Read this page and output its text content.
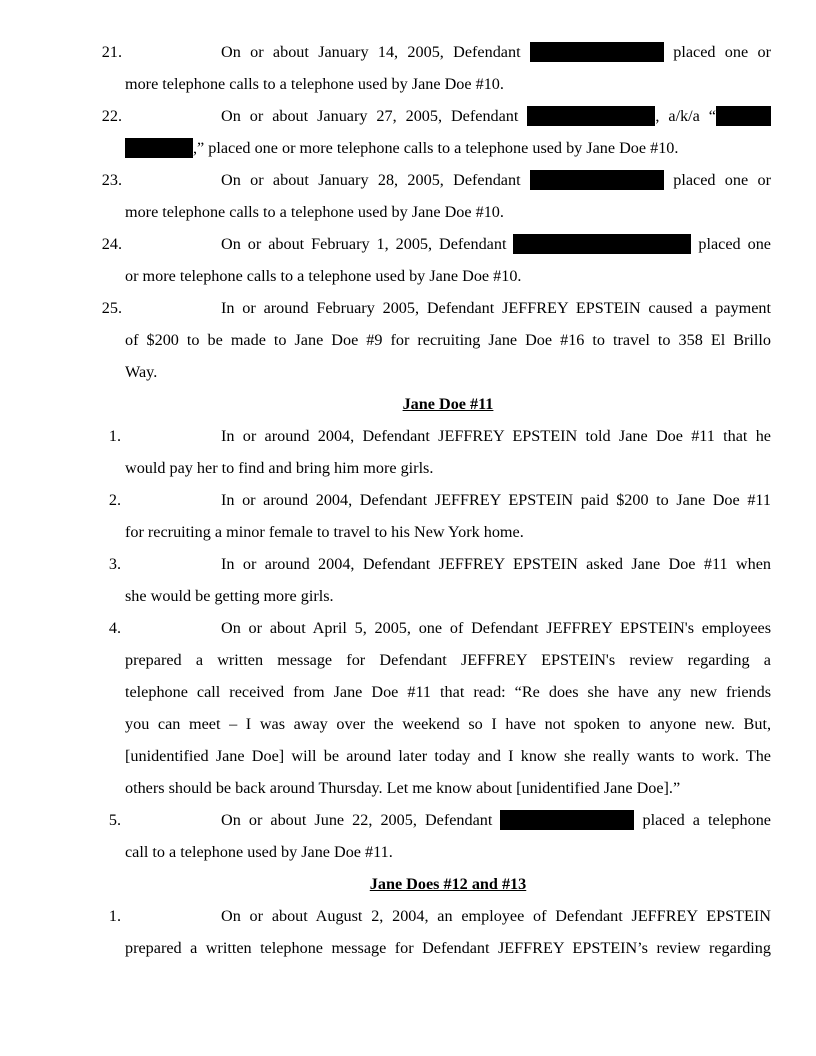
21.	On or about January 14, 2005, Defendant	placed one or
more telephone calls to a telephone used by Jane Doe #10.
22.	On or about January 27, 2005, Defendant	, a/k/a “
,” placed one or more telephone calls to a telephone used by Jane Doe #10.
23.	On or about January 28, 2005, Defendant	placed one or
more telephone calls to a telephone used by Jane Doe #10.
24.	On or about February 1, 2005, Defendant	placed one
or more telephone calls to a telephone used by Jane Doe #10.
25.	In or around February 2005, Defendant JEFFREY EPSTEIN caused a payment
of $200 to be made to Jane Doe #9 for recruiting Jane Doe #16 to travel to 358 El Brillo
Way.
Jane Doe #11
1.	In or around 2004, Defendant JEFFREY EPSTEIN told Jane Doe #11 that he
would pay her to find and bring him more girls.
2.	In or around 2004, Defendant JEFFREY EPSTEIN paid $200 to Jane Doe #11
for recruiting a minor female to travel to his New York home.
3.	In or around 2004, Defendant JEFFREY EPSTEIN asked Jane Doe #11 when
she would be getting more girls.
4.	On or about April 5, 2005, one of Defendant JEFFREY EPSTEIN's employees
prepared a written message for Defendant JEFFREY EPSTEIN's review regarding a
telephone call received from Jane Doe #11 that read: “Re does she have any new friends
you can meet – I was away over the weekend so I have not spoken to anyone new. But,
[unidentified Jane Doe] will be around later today and I know she really wants to work. The
others should be back around Thursday. Let me know about [unidentified Jane Doe].”
5.	On or about June 22, 2005, Defendant	placed a telephone
call to a telephone used by Jane Doe #11.
Jane Does #12 and #13
1.	On or about August 2, 2004, an employee of Defendant JEFFREY EPSTEIN
prepared a written telephone message for Defendant JEFFREY EPSTEIN’s review regarding
